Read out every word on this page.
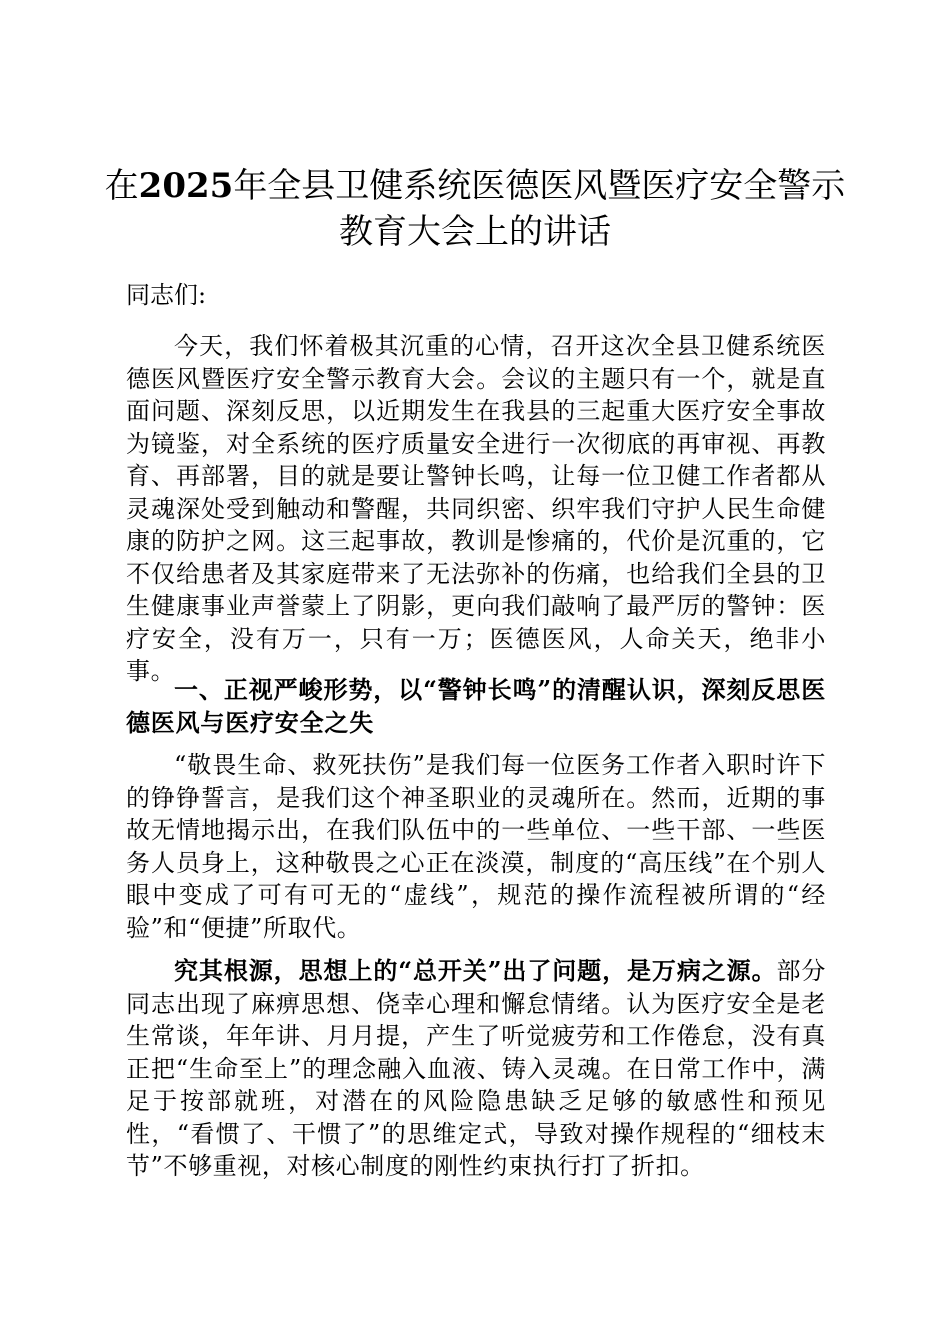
在2025年全县卫健系统医德医风暨医疗安全警示教育大会上的讲话

同志们:

今天，我们怀着极其沉重的心情，召开这次全县卫健系统医德医风暨医疗安全警示教育大会。会议的主题只有一个，就是直面问题、深刻反思，以近期发生在我县的三起重大医疗安全事故为镜鉴，对全系统的医疗质量安全进行一次彻底的再审视、再教育、再部署，目的就是要让警钟长鸣，让每一位卫健工作者都从灵魂深处受到触动和警醒，共同织密、织牢我们守护人民生命健康的防护之网。这三起事故，教训是惨痛的，代价是沉重的，它不仅给患者及其家庭带来了无法弥补的伤痛，也给我们全县的卫生健康事业声誉蒙上了阴影，更向我们敲响了最严厉的警钟：医疗安全，没有万一，只有一万；医德医风，人命关天，绝非小事。

一、正视严峻形势，以“警钟长鸣”的清醒认识，深刻反思医德医风与医疗安全之失

“敬畏生命、救死扶伤”是我们每一位医务工作者入职时许下的铮铮誓言，是我们这个神圣职业的灵魂所在。然而，近期的事故无情地揭示出，在我们队伍中的一些单位、一些干部、一些医务人员身上，这种敬畏之心正在淡漠，制度的“高压线”在个别人眼中变成了可有可无的“虚线”，规范的操作流程被所谓的“经验”和“便捷”所取代。

究其根源，思想上的“总开关”出了问题，是万病之源。部分同志出现了麻痹思想、侥幸心理和懈怠情绪。认为医疗安全是老生常谈，年年讲、月月提，产生了听觉疲劳和工作倦怠，没有真正把“生命至上”的理念融入血液、铸入灵魂。在日常工作中，满足于按部就班，对潜在的风险隐患缺乏足够的敏感性和预见性，“看惯了、干惯了”的思维定式，导致对操作规程的“细枝末节”不够重视，对核心制度的刚性约束执行打了折扣。
